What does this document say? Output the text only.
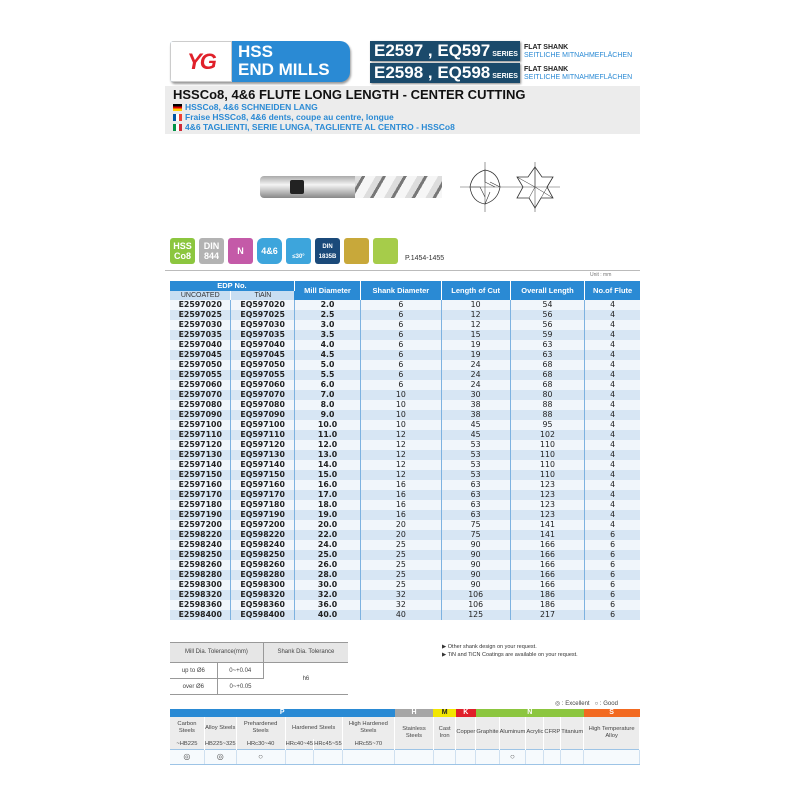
YG HSS
END MILLS
E2597 , EQ597 SERIES
FLAT SHANK
SEITLICHE MITNAHMEFLÄCHEN
E2598 , EQ598 SERIES
FLAT SHANK
SEITLICHE MITNAHMEFLÄCHEN
HSSCo8, 4&6 FLUTE LONG LENGTH - CENTER CUTTING
HSSCo8, 4&6 SCHNEIDEN LANG
Fraise HSSCo8, 4&6 dents, coupe au centre, longue
4&6 TAGLIENTI, SERIE LUNGA, TAGLIENTE AL CENTRO - HSSCo8
HSS Co8
DIN 844	N	4&6
≤30°
DIN 1835B	P.1454-1455
Unit : mm
EDP No.		Mill Diameter	Shank Diameter	Length of Cut	Overall Length	No.of Flute
UNCOATED	TiAlN					
E2597020	EQ597020	2.0	6	10	54	4
E2597025	EQ597025	2.5	6	12	56	4
E2597030	EQ597030	3.0	6	12	56	4
E2597035	EQ597035	3.5	6	15	59	4
E2597040	EQ597040	4.0	6	19	63	4
E2597045	EQ597045	4.5	6	19	63	4
E2597050	EQ597050	5.0	6	24	68	4
E2597055	EQ597055	5.5	6	24	68	4
E2597060	EQ597060	6.0	6	24	68	4
E2597070	EQ597070	7.0	10	30	80	4
E2597080	EQ597080	8.0	10	38	88	4
E2597090	EQ597090	9.0	10	38	88	4
E2597100	EQ597100	10.0	10	45	95	4
E2597110	EQ597110	11.0	12	45	102	4
E2597120	EQ597120	12.0	12	53	110	4
E2597130	EQ597130	13.0	12	53	110	4
E2597140	EQ597140	14.0	12	53	110	4
E2597150	EQ597150	15.0	12	53	110	4
E2597160	EQ597160	16.0	16	63	123	4
E2597170	EQ597170	17.0	16	63	123	4
E2597180	EQ597180	18.0	16	63	123	4
E2597190	EQ597190	19.0	16	63	123	4
E2597200	EQ597200	20.0	20	75	141	4
E2598220	EQ598220	22.0	20	75	141	6
E2598240	EQ598240	24.0	25	90	166	6
E2598250	EQ598250	25.0	25	90	166	6
E2598260	EQ598260	26.0	25	90	166	6
E2598280	EQ598280	28.0	25	90	166	6
E2598300	EQ598300	30.0	25	90	166	6
E2598320	EQ598320	32.0	32	106	186	6
E2598360	EQ598360	36.0	32	106	186	6
E2598400	EQ598400	40.0	40	125	217	6
Mill Dia. Tolerance(mm)		Shank Dia. Tolerance
up to Ø6	0~+0.04	h6
over Ø6	0~+0.05	
▶ Other shank design on your request.
▶ TiN and TiCN Coatings are available on your request.
◎ : Excellent ○ : Good
P						H	M	K	N					S
Carbon Steels	Alloy Steels	Prehardened Steels	Hardened Steels		High Hardened Steels	Stainless Steels	Cast Iron	Copper	Graphite	Aluminum	Acrylic	CFRP	Titanium	High Temperature Alloy
~HB225	HB225~325	HRc30~40	HRc40~45	HRc45~55	HRc55~70									
◎	◎	○								○				
